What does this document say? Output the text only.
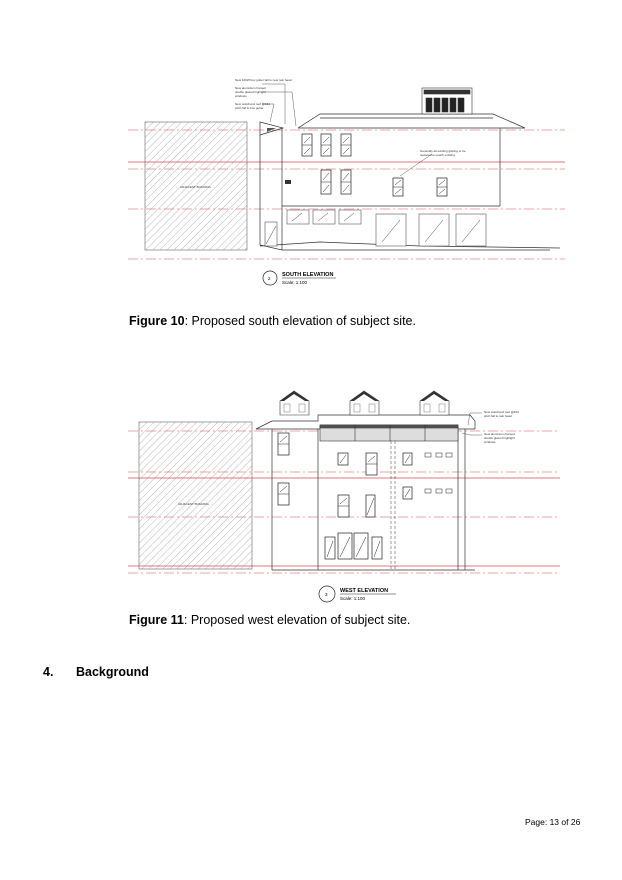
ADJACENT BUILDING
New 100W box gutter fall to new rain head
New aluminium framed
double glazed highlight
windows
New colorbond roof @10d
pitch fall to box gutter
Generally all existing glazing to be
replaced to match existing
2
SOUTH ELEVATION
Scale: 1:100
Figure 10: Proposed south elevation of subject site.
ADJACENT BUILDING
New colorbond roof @10d
pitch fall to rain head
New aluminium framed
double glazed highlight
windows
3
WEST ELEVATION
Scale: 1:100
Figure 11: Proposed west elevation of subject site.
4. Background
Page: 13 of 26
